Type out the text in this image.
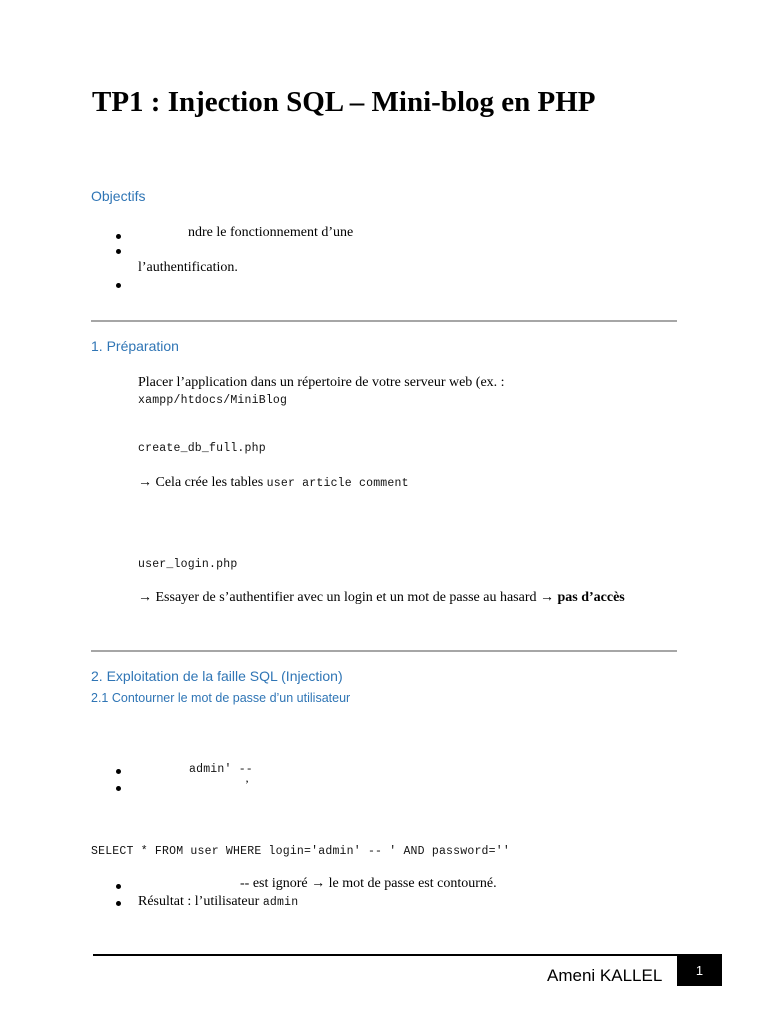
TP1 : Injection SQL – Mini-blog en PHP
Objectifs
ndre le fonctionnement d’une
l’authentification.
1. Préparation
Placer l’application dans un répertoire de votre serveur web (ex. :
xampp/htdocs/MiniBlog
create_db_full.php
→ Cela crée les tables user article comment
user_login.php
→ Essayer de s’authentifier avec un login et un mot de passe au hasard → pas d’accès
2. Exploitation de la faille SQL (Injection)
2.1 Contourner le mot de passe d’un utilisateur
admin' --
’
SELECT * FROM user WHERE login='admin' -- ' AND password=''
-- est ignoré → le mot de passe est contourné.
Résultat : l’utilisateur admin
Ameni KALLEL	1
